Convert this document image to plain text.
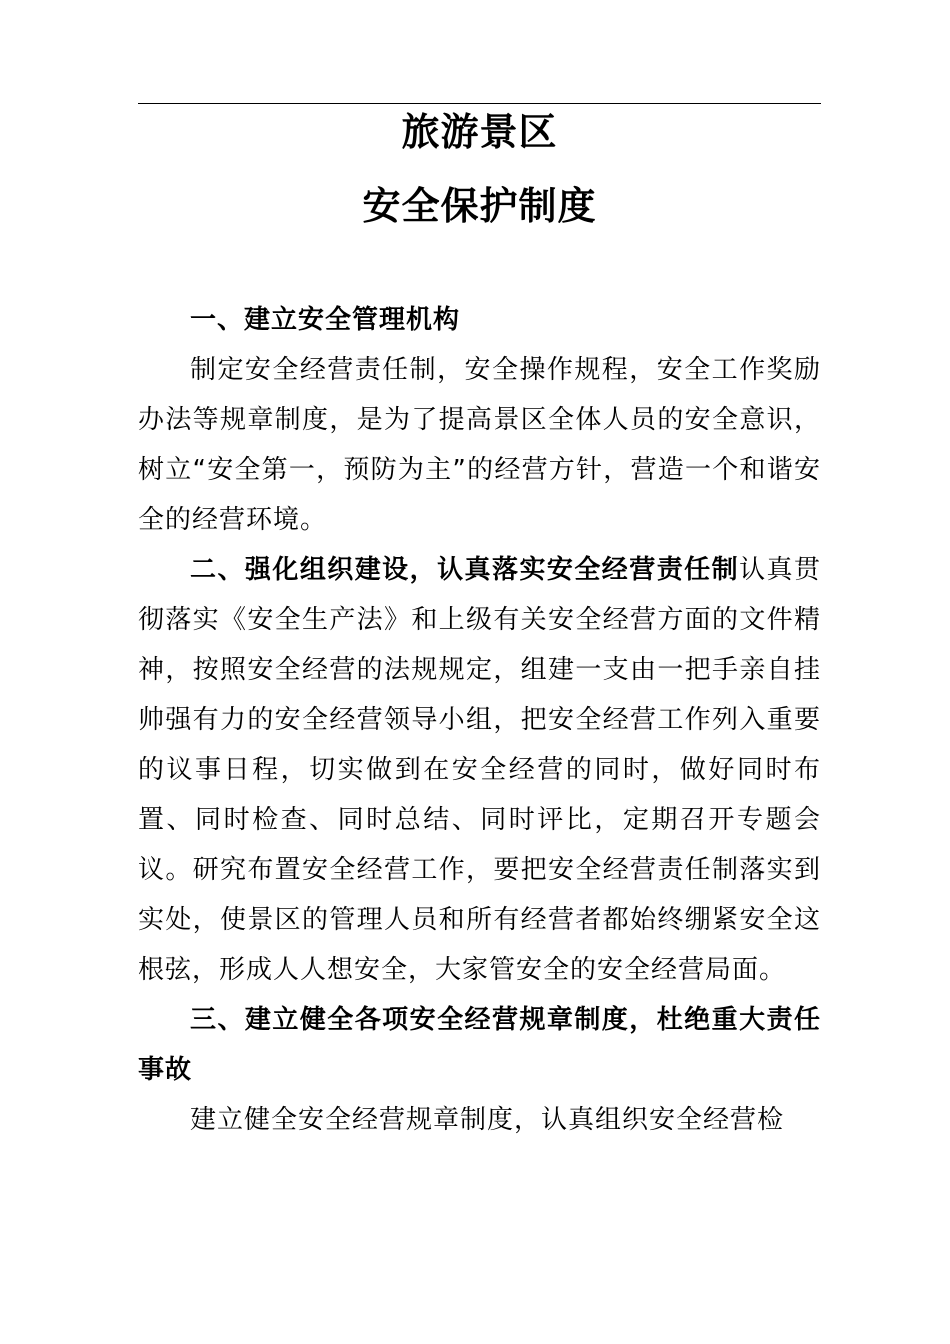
旅游景区
安全保护制度

一、建立安全管理机构

制定安全经营责任制，安全操作规程，安全工作奖励办法等规章制度，是为了提高景区全体人员的安全意识，树立“安全第一，预防为主”的经营方针，营造一个和谐安全的经营环境。

二、强化组织建设，认真落实安全经营责任制认真贯彻落实《安全生产法》和上级有关安全经营方面的文件精神，按照安全经营的法规规定，组建一支由一把手亲自挂帅强有力的安全经营领导小组，把安全经营工作列入重要的议事日程，切实做到在安全经营的同时，做好同时布置、同时检查、同时总结、同时评比，定期召开专题会议。研究布置安全经营工作，要把安全经营责任制落实到实处，使景区的管理人员和所有经营者都始终绷紧安全这根弦，形成人人想安全，大家管安全的安全经营局面。

三、建立健全各项安全经营规章制度，杜绝重大责任事故

建立健全安全经营规章制度，认真组织安全经营检
